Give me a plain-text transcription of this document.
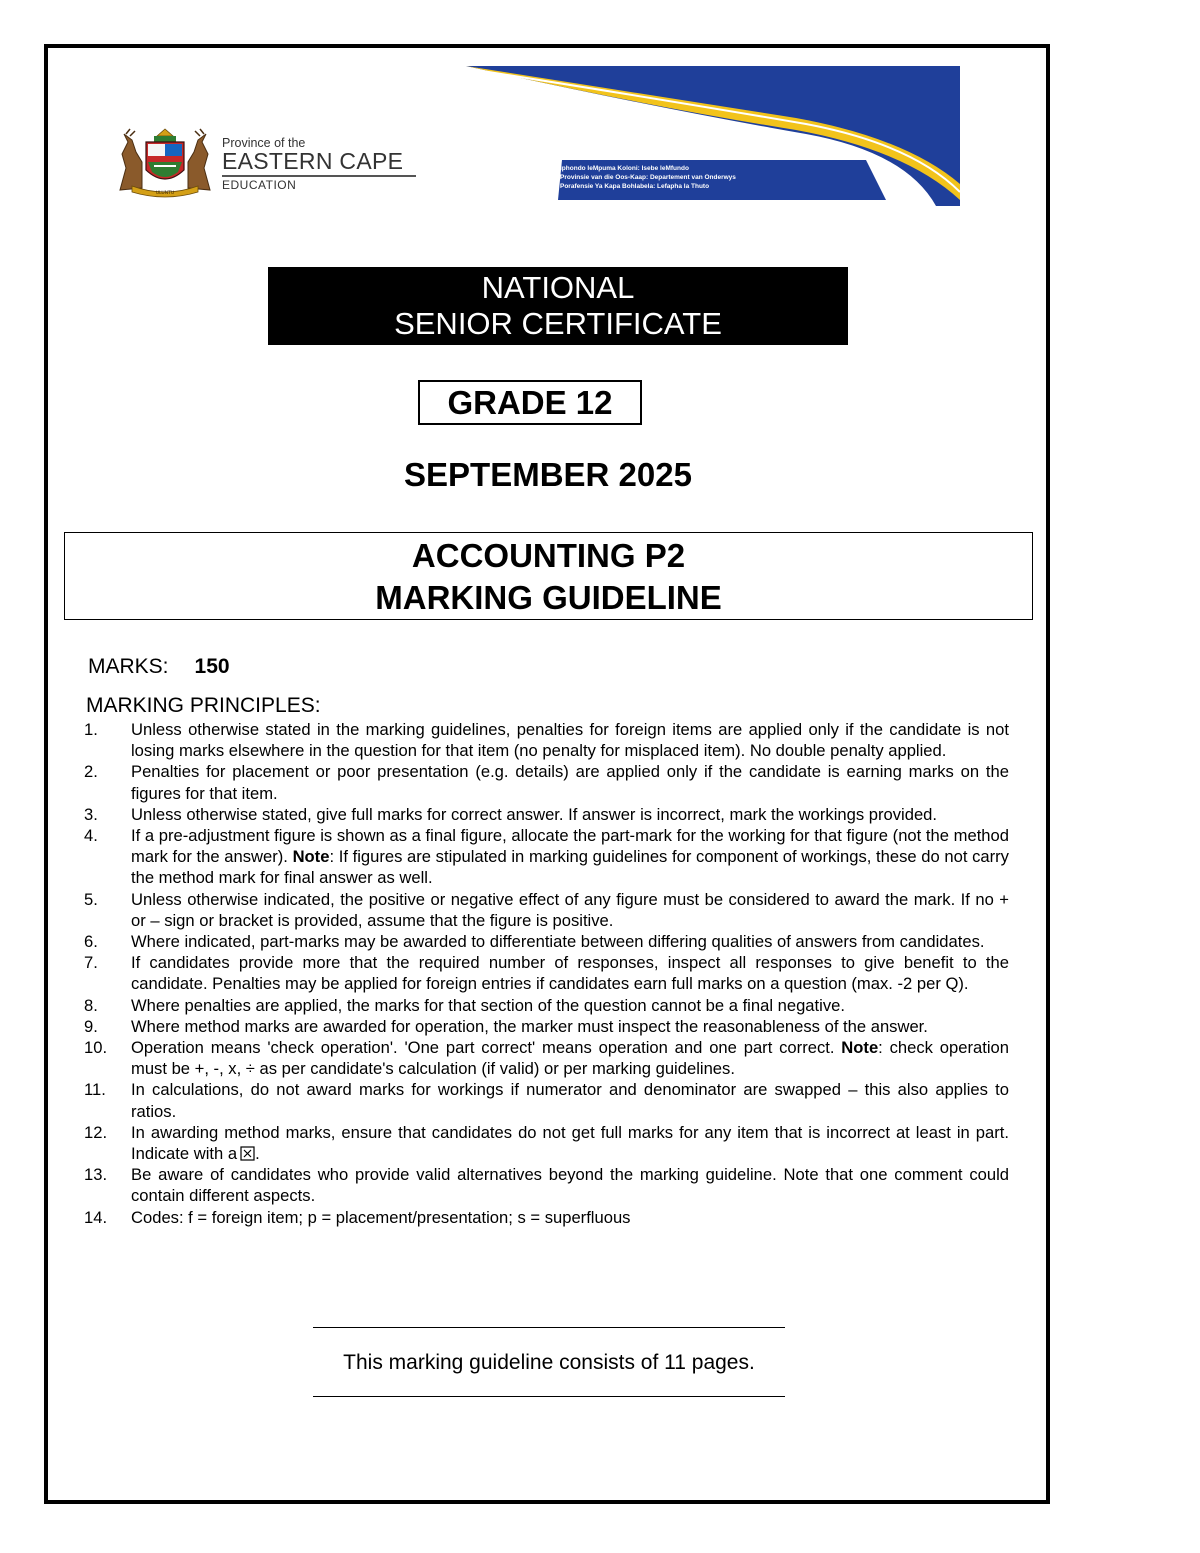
ULUNTU
Province of the
EASTERN CAPE
EDUCATION
Iphondo leMpuma Koloni: Isebe leMfundo
Provinsie van die Oos-Kaap: Departement van Onderwys
Porafensie Ya Kapa Bohlabela: Lefapha la Thuto
NATIONAL
SENIOR CERTIFICATE
GRADE 12
SEPTEMBER 2025
ACCOUNTING P2
MARKING GUIDELINE
MARKS: 150
MARKING PRINCIPLES:
1. Unless otherwise stated in the marking guidelines, penalties for foreign items are applied only if the candidate is not losing marks elsewhere in the question for that item (no penalty for misplaced item). No double penalty applied.
2. Penalties for placement or poor presentation (e.g. details) are applied only if the candidate is earning marks on the figures for that item.
3. Unless otherwise stated, give full marks for correct answer. If answer is incorrect, mark the workings provided.
4. If a pre-adjustment figure is shown as a final figure, allocate the part-mark for the working for that figure (not the method mark for the answer). Note: If figures are stipulated in marking guidelines for component of workings, these do not carry the method mark for final answer as well.
5. Unless otherwise indicated, the positive or negative effect of any figure must be considered to award the mark. If no + or – sign or bracket is provided, assume that the figure is positive.
6. Where indicated, part-marks may be awarded to differentiate between differing qualities of answers from candidates.
7. If candidates provide more that the required number of responses, inspect all responses to give benefit to the candidate. Penalties may be applied for foreign entries if candidates earn full marks on a question (max. -2 per Q).
8. Where penalties are applied, the marks for that section of the question cannot be a final negative.
9. Where method marks are awarded for operation, the marker must inspect the reasonableness of the answer.
10. Operation means 'check operation'. 'One part correct' means operation and one part correct. Note: check operation must be +, -, x, ÷ as per candidate's calculation (if valid) or per marking guidelines.
11. In calculations, do not award marks for workings if numerator and denominator are swapped – this also applies to ratios.
12. In awarding method marks, ensure that candidates do not get full marks for any item that is incorrect at least in part. Indicate with a .
13. Be aware of candidates who provide valid alternatives beyond the marking guideline. Note that one comment could contain different aspects.
14. Codes: f = foreign item; p = placement/presentation; s = superfluous
This marking guideline consists of 11 pages.
